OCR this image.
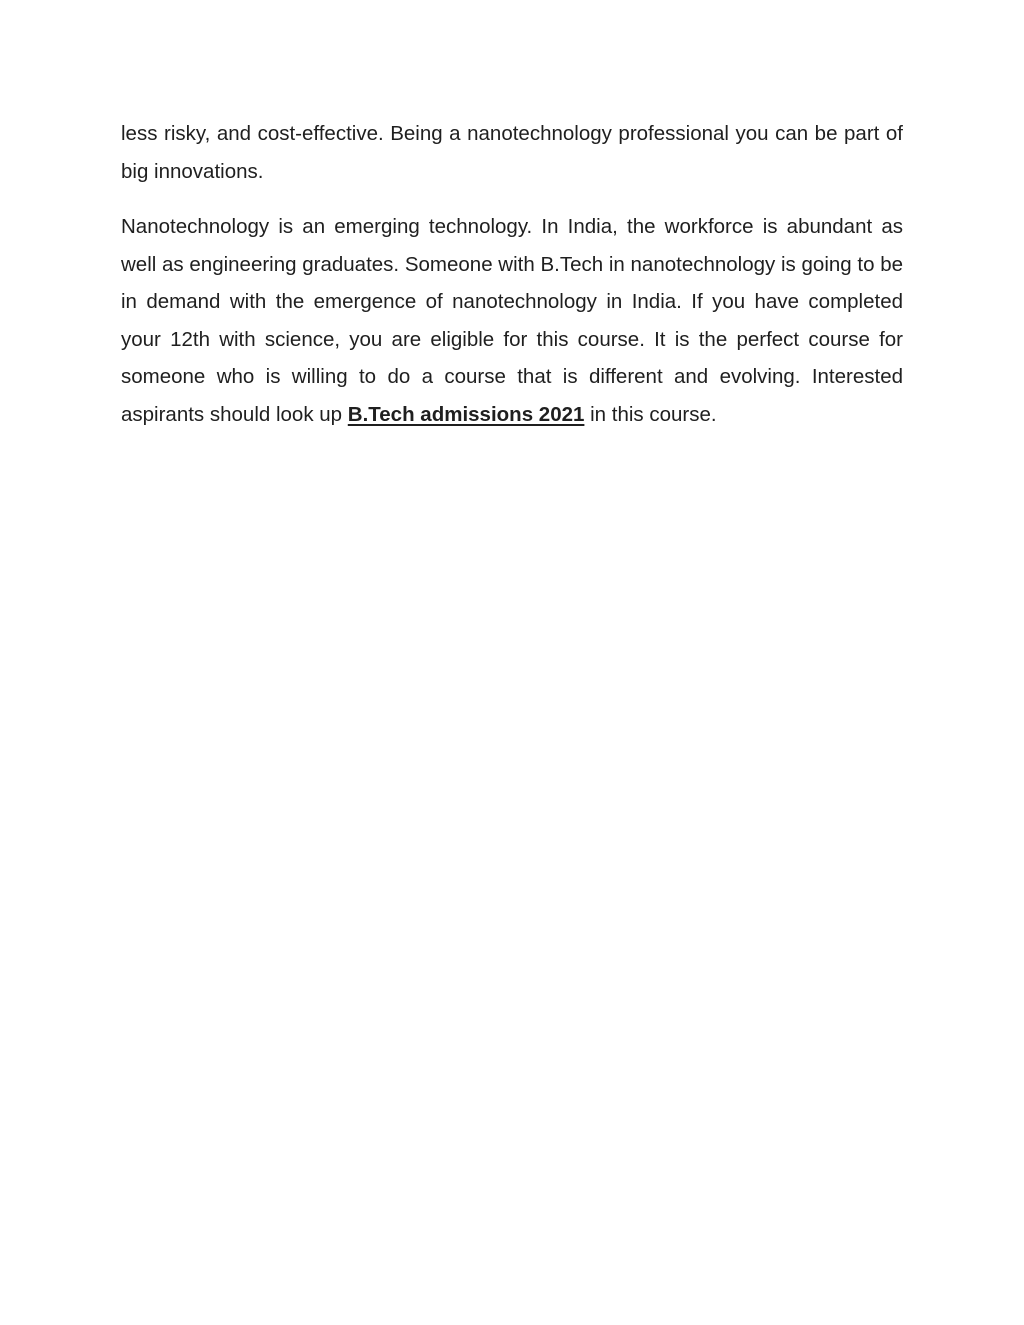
less risky, and cost-effective. Being a nanotechnology professional you can be part of big innovations.

Nanotechnology is an emerging technology. In India, the workforce is abundant as well as engineering graduates. Someone with B.Tech in nanotechnology is going to be in demand with the emergence of nanotechnology in India. If you have completed your 12th with science, you are eligible for this course. It is the perfect course for someone who is willing to do a course that is different and evolving. Interested aspirants should look up B.Tech admissions 2021 in this course.
